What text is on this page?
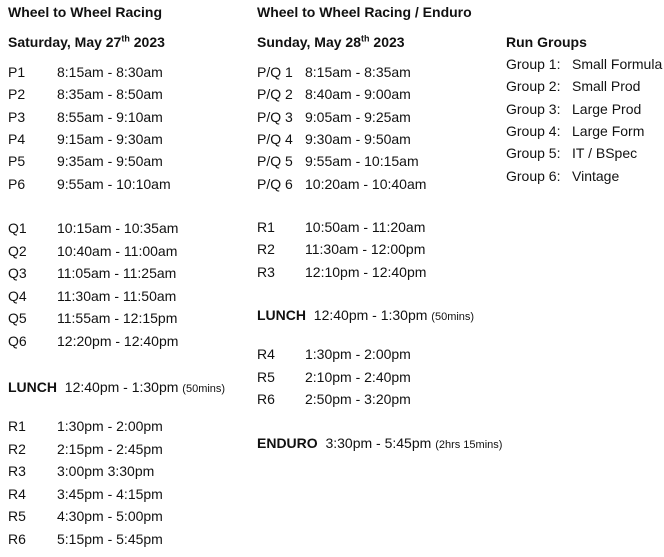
Wheel to Wheel Racing
Saturday, May 27th 2023
P1 8:15am - 8:30am
P2 8:35am - 8:50am
P3 8:55am - 9:10am
P4 9:15am - 9:30am
P5 9:35am - 9:50am
P6 9:55am - 10:10am
Q1 10:15am - 10:35am
Q2 10:40am - 11:00am
Q3 11:05am - 11:25am
Q4 11:30am - 11:50am
Q5 11:55am - 12:15pm
Q6 12:20pm - 12:40pm
LUNCH 12:40pm - 1:30pm (50mins)
R1 1:30pm - 2:00pm
R2 2:15pm - 2:45pm
R3 3:00pm 3:30pm
R4 3:45pm - 4:15pm
R5 4:30pm - 5:00pm
R6 5:15pm - 5:45pm
Wheel to Wheel Racing / Enduro
Sunday, May 28th 2023
P/Q 1 8:15am - 8:35am
P/Q 2 8:40am - 9:00am
P/Q 3 9:05am - 9:25am
P/Q 4 9:30am - 9:50am
P/Q 5 9:55am - 10:15am
P/Q 6 10:20am - 10:40am
R1 10:50am - 11:20am
R2 11:30am - 12:00pm
R3 12:10pm - 12:40pm
LUNCH 12:40pm - 1:30pm (50mins)
R4 1:30pm - 2:00pm
R5 2:10pm - 2:40pm
R6 2:50pm - 3:20pm
ENDURO 3:30pm - 5:45pm (2hrs 15mins)
Run Groups
Group 1: Small Formula
Group 2: Small Prod
Group 3: Large Prod
Group 4: Large Form
Group 5: IT / BSpec
Group 6: Vintage
